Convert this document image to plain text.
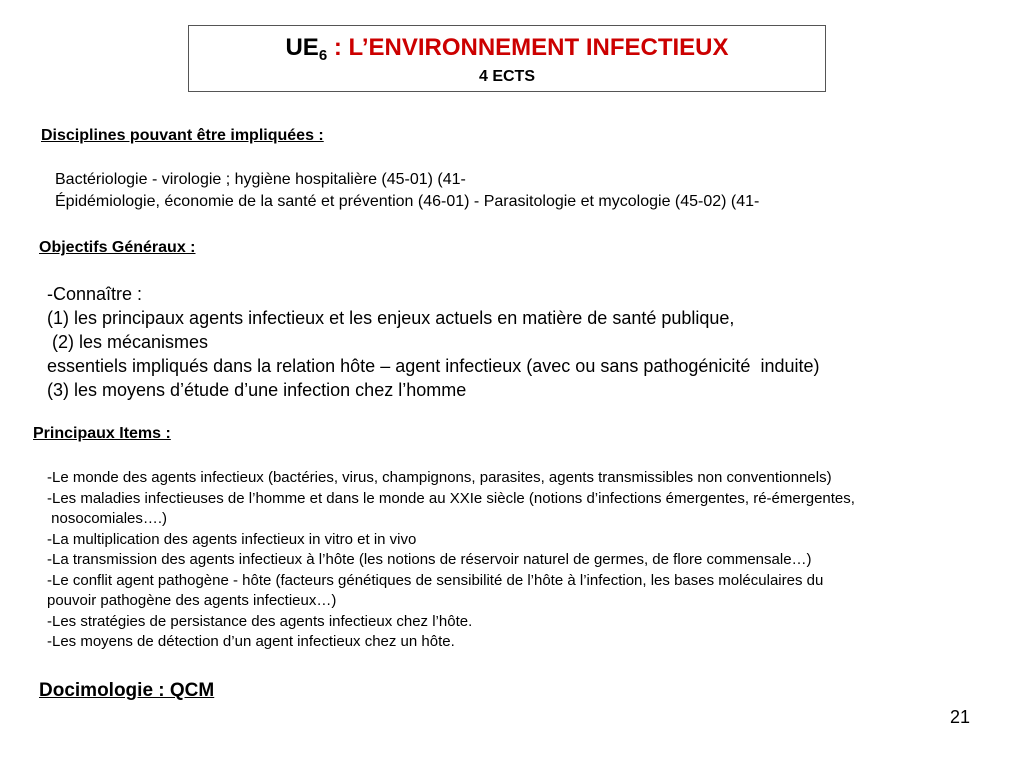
$UE_6$ : L’ENVIRONNEMENT INFECTIEUX
4 ECTS
Disciplines pouvant être impliquées :
Bactériologie - virologie ; hygiène hospitalière (45-01) (41-
Épidémiologie, économie de la santé et prévention (46-01) - Parasitologie et mycologie (45-02) (41-
Objectifs Généraux :
-Connaître :
(1) les principaux agents infectieux et les enjeux actuels en matière de santé publique,
(2) les mécanismes
essentiels impliqués dans la relation hôte – agent infectieux (avec ou sans pathogénicité  induite)
(3) les moyens d’étude d’une infection chez l’homme
Principaux Items :
-Le monde des agents infectieux (bactéries, virus, champignons, parasites, agents transmissibles non conventionnels)
-Les maladies infectieuses de l’homme et dans le monde au XXIe siècle (notions d’infections émergentes, ré-émergentes,
nosocomiales….)
-La multiplication des agents infectieux in vitro et in vivo
-La transmission des agents infectieux à l’hôte (les notions de réservoir naturel de germes, de flore commensale…)
-Le conflit agent pathogène - hôte (facteurs génétiques de sensibilité de l’hôte à l’infection, les bases moléculaires du
pouvoir pathogène des agents infectieux…)
-Les stratégies de persistance des agents infectieux chez l’hôte.
-Les moyens de détection d’un agent infectieux chez un hôte.
Docimologie : QCM
21
